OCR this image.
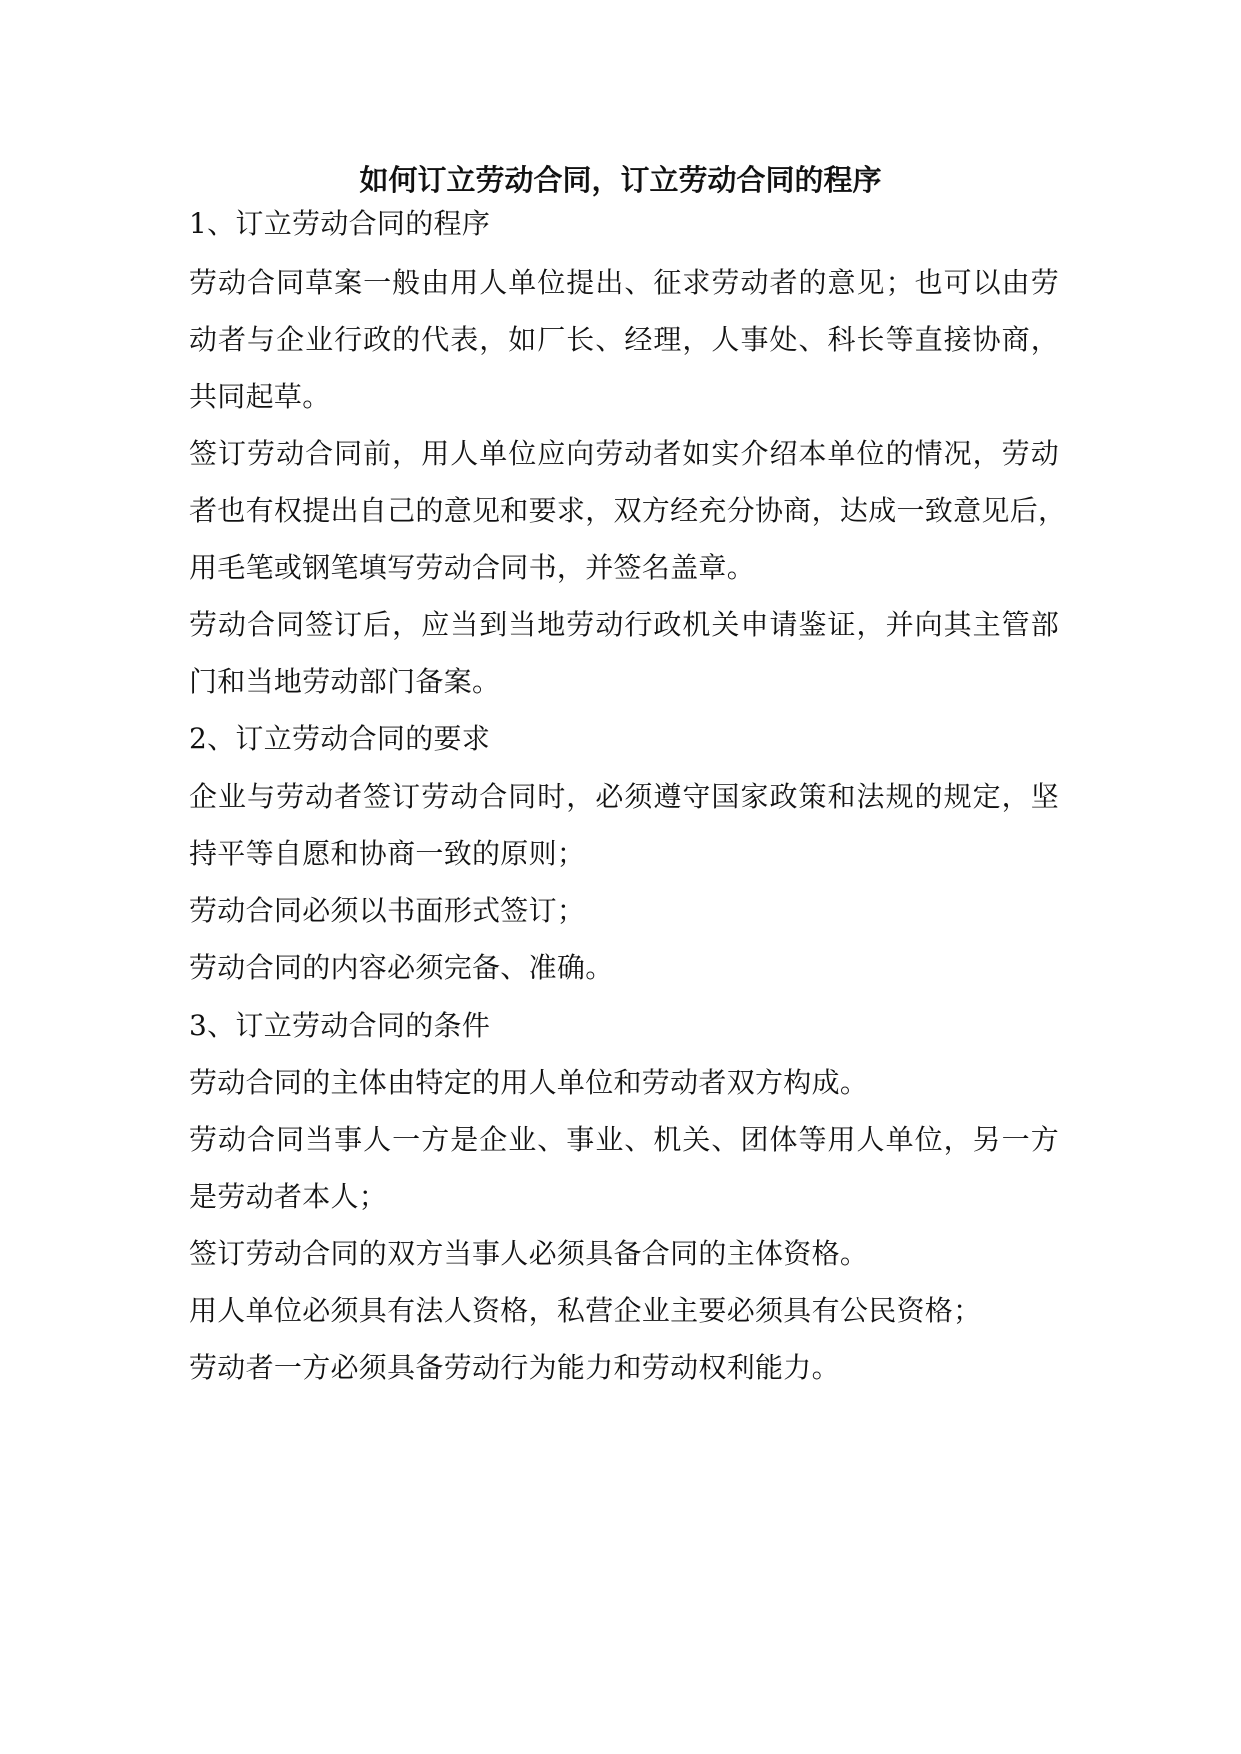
如何订立劳动合同，订立劳动合同的程序
1、订立劳动合同的程序
劳动合同草案一般由用人单位提出、征求劳动者的意见；也可以由劳
动者与企业行政的代表，如厂长、经理，人事处、科长等直接协商，
共同起草。
签订劳动合同前，用人单位应向劳动者如实介绍本单位的情况，劳动
者也有权提出自己的意见和要求，双方经充分协商，达成一致意见后，
用毛笔或钢笔填写劳动合同书，并签名盖章。
劳动合同签订后，应当到当地劳动行政机关申请鉴证，并向其主管部
门和当地劳动部门备案。
2、订立劳动合同的要求
企业与劳动者签订劳动合同时，必须遵守国家政策和法规的规定，坚
持平等自愿和协商一致的原则；
劳动合同必须以书面形式签订；
劳动合同的内容必须完备、准确。
3、订立劳动合同的条件
劳动合同的主体由特定的用人单位和劳动者双方构成。
劳动合同当事人一方是企业、事业、机关、团体等用人单位，另一方
是劳动者本人；
签订劳动合同的双方当事人必须具备合同的主体资格。
用人单位必须具有法人资格，私营企业主要必须具有公民资格；
劳动者一方必须具备劳动行为能力和劳动权利能力。
